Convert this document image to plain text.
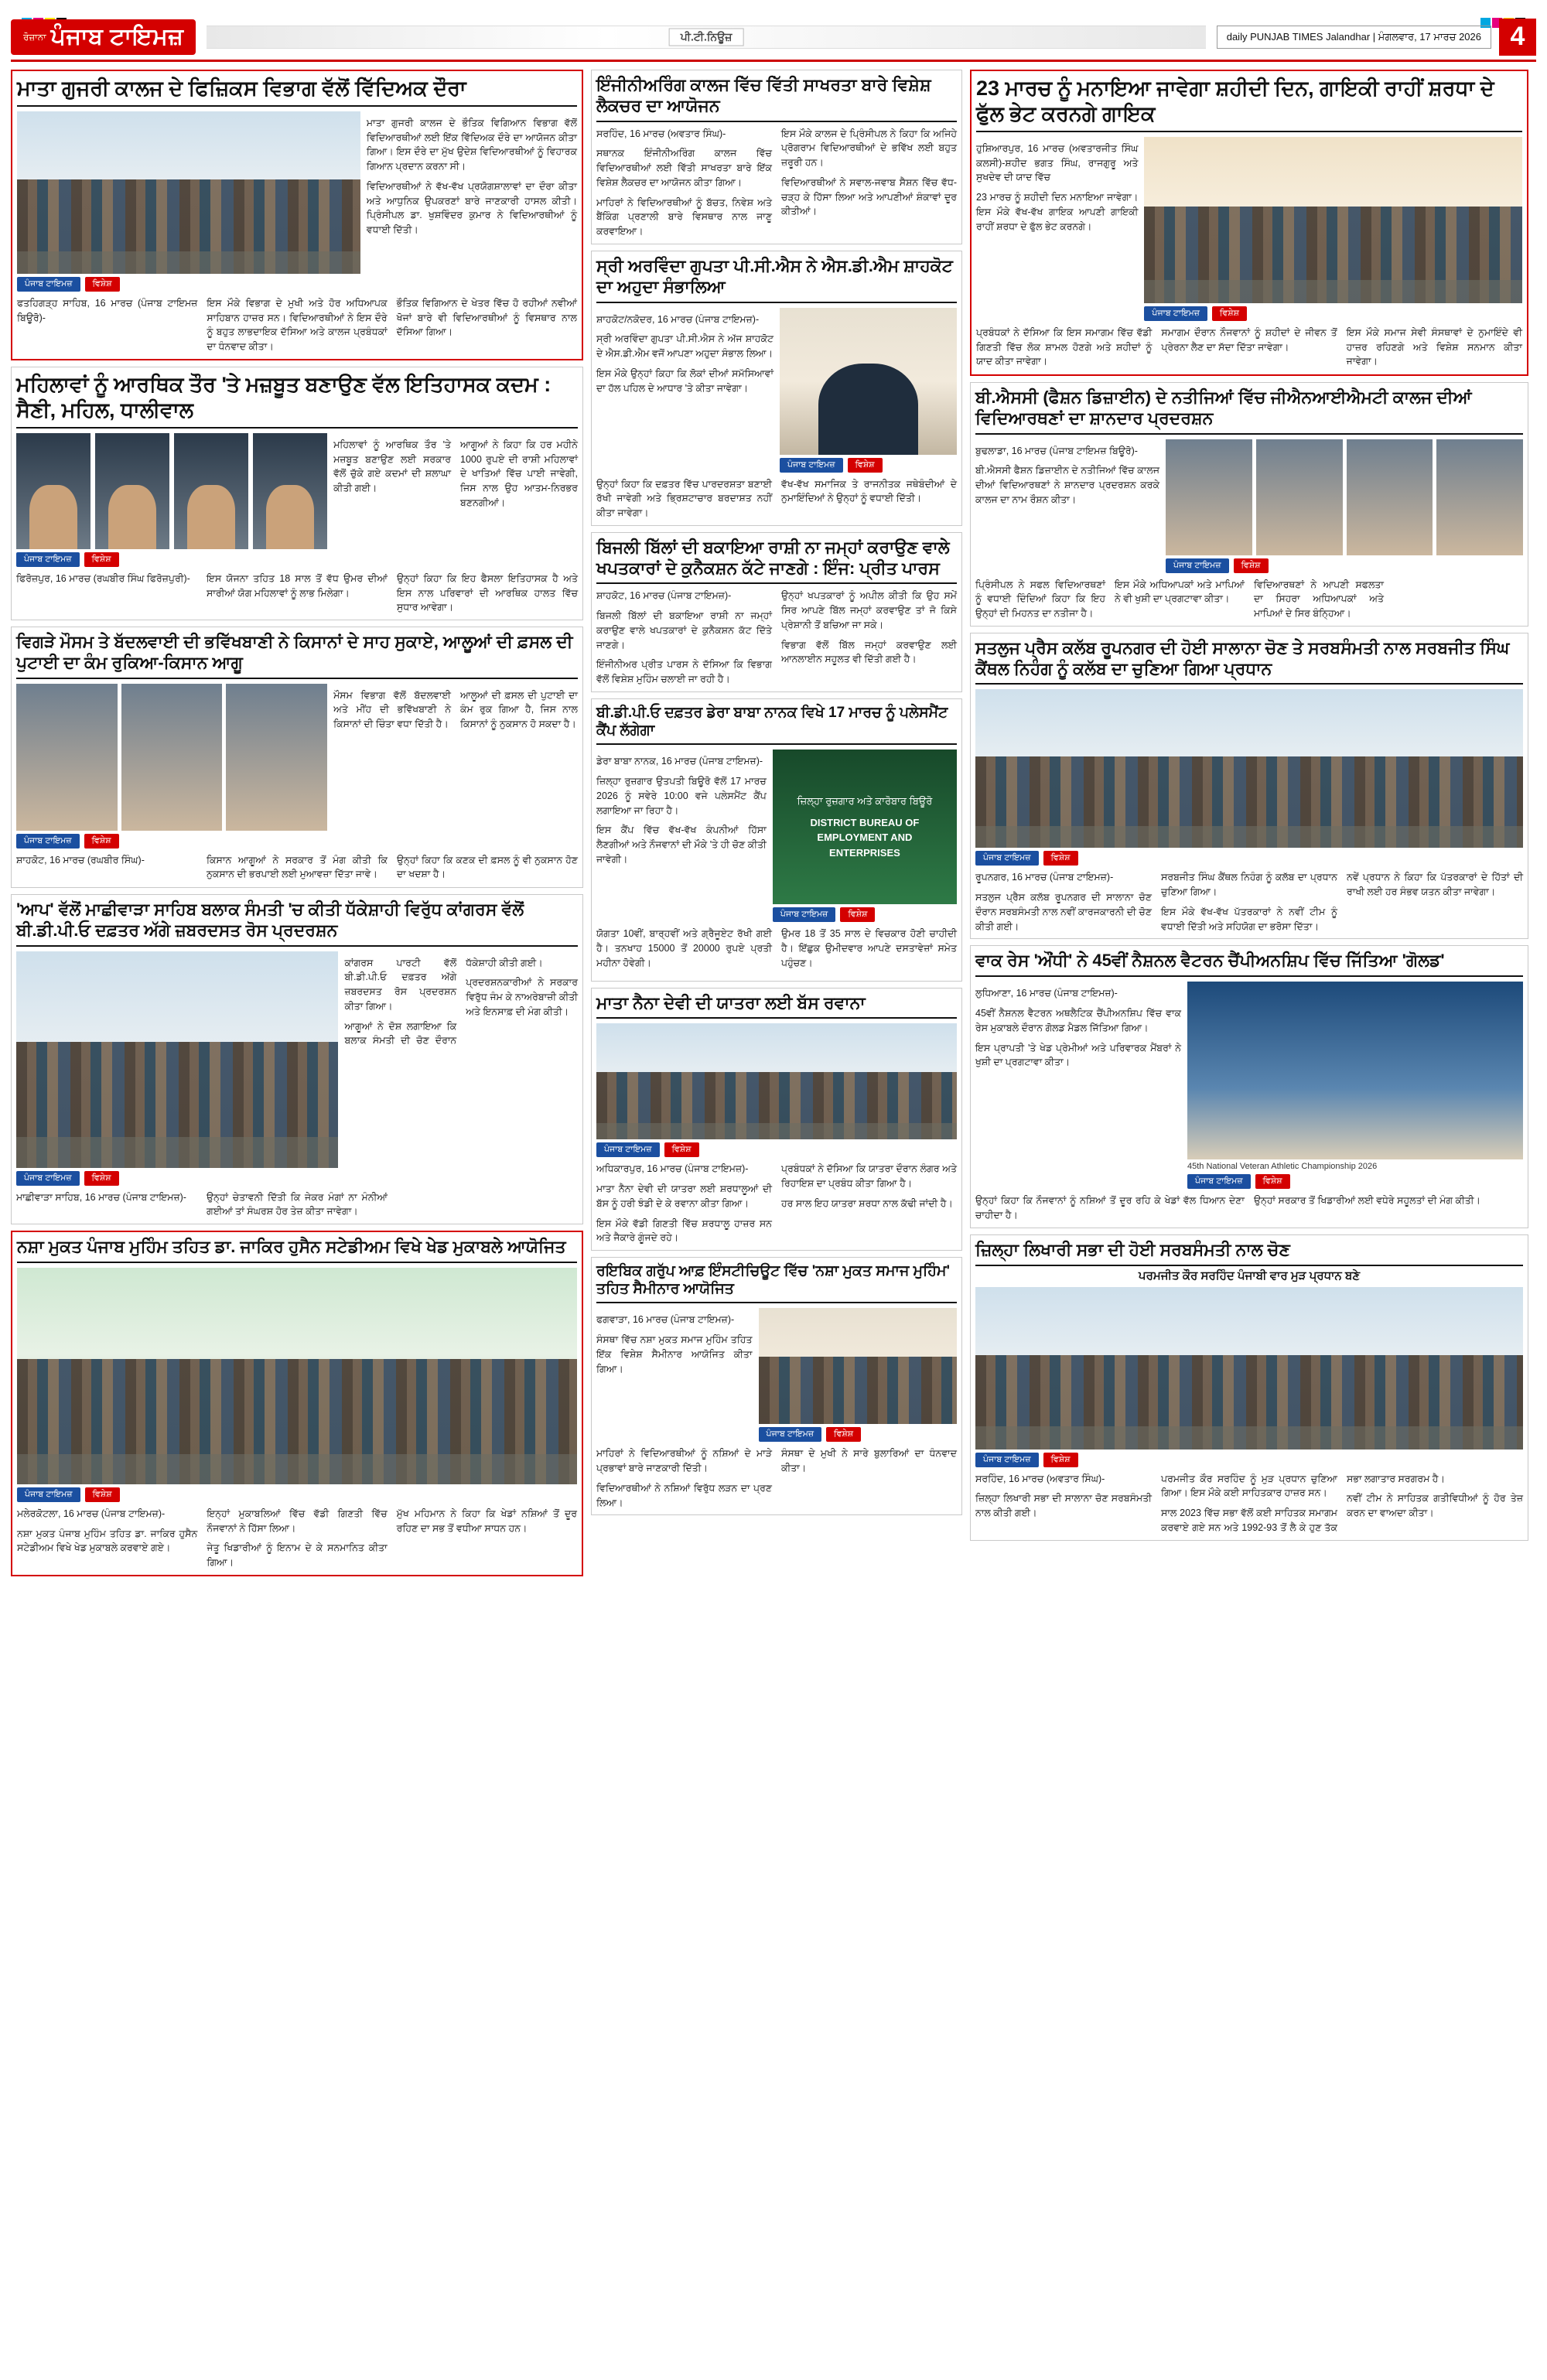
ਰੋਜ਼ਾਨਾ ਪੰਜਾਬ ਟਾਇਮਜ਼	ਪੀ.ਟੀ.ਨਿਊਜ਼	daily PUNJAB TIMES Jalandhar | ਮੰਗਲਵਾਰ, 17 ਮਾਰਚ 2026	4
ਮਾਤਾ ਗੁਜਰੀ ਕਾਲਜ ਦੇ ਫਿਜ਼ਿਕਸ ਵਿਭਾਗ ਵੱਲੋਂ ਵਿੱਦਿਅਕ ਦੌਰਾ
ਪੰਜਾਬ ਟਾਇਮਜ਼	ਵਿਸ਼ੇਸ਼

ਮਾਤਾ ਗੁਜਰੀ ਕਾਲਜ ਦੇ ਭੌਤਿਕ ਵਿਗਿਆਨ ਵਿਭਾਗ ਵੱਲੋਂ ਵਿਦਿਆਰਥੀਆਂ ਲਈ ਇੱਕ ਵਿੱਦਿਅਕ ਦੌਰੇ ਦਾ ਆਯੋਜਨ ਕੀਤਾ ਗਿਆ। ਇਸ ਦੌਰੇ ਦਾ ਮੁੱਖ ਉਦੇਸ਼ ਵਿਦਿਆਰਥੀਆਂ ਨੂੰ ਵਿਹਾਰਕ ਗਿਆਨ ਪ੍ਰਦਾਨ ਕਰਨਾ ਸੀ।

ਵਿਦਿਆਰਥੀਆਂ ਨੇ ਵੱਖ-ਵੱਖ ਪ੍ਰਯੋਗਸ਼ਾਲਾਵਾਂ ਦਾ ਦੌਰਾ ਕੀਤਾ ਅਤੇ ਆਧੁਨਿਕ ਉਪਕਰਣਾਂ ਬਾਰੇ ਜਾਣਕਾਰੀ ਹਾਸਲ ਕੀਤੀ। ਪ੍ਰਿੰਸੀਪਲ ਡਾ. ਖੁਸ਼ਵਿੰਦਰ ਕੁਮਾਰ ਨੇ ਵਿਦਿਆਰਥੀਆਂ ਨੂੰ ਵਧਾਈ ਦਿੱਤੀ।

ਫਤਹਿਗੜ੍ਹ ਸਾਹਿਬ, 16 ਮਾਰਚ (ਪੰਜਾਬ ਟਾਇਮਜ਼ ਬਿਊਰੋ)-

ਇਸ ਮੌਕੇ ਵਿਭਾਗ ਦੇ ਮੁਖੀ ਅਤੇ ਹੋਰ ਅਧਿਆਪਕ ਸਾਹਿਬਾਨ ਹਾਜ਼ਰ ਸਨ। ਵਿਦਿਆਰਥੀਆਂ ਨੇ ਇਸ ਦੌਰੇ ਨੂੰ ਬਹੁਤ ਲਾਭਦਾਇਕ ਦੱਸਿਆ ਅਤੇ ਕਾਲਜ ਪ੍ਰਬੰਧਕਾਂ ਦਾ ਧੰਨਵਾਦ ਕੀਤਾ।

ਭੌਤਿਕ ਵਿਗਿਆਨ ਦੇ ਖੇਤਰ ਵਿੱਚ ਹੋ ਰਹੀਆਂ ਨਵੀਆਂ ਖੋਜਾਂ ਬਾਰੇ ਵੀ ਵਿਦਿਆਰਥੀਆਂ ਨੂੰ ਵਿਸਥਾਰ ਨਾਲ ਦੱਸਿਆ ਗਿਆ।

ਮਹਿਲਾਵਾਂ ਨੂੰ ਆਰਥਿਕ ਤੌਰ 'ਤੇ ਮਜ਼ਬੂਤ ਬਣਾਉਣ ਵੱਲ ਇਤਿਹਾਸਕ ਕਦਮ : ਸੈਣੀ, ਮਹਿਲ, ਧਾਲੀਵਾਲ
ਪੰਜਾਬ ਟਾਇਮਜ਼	ਵਿਸ਼ੇਸ਼

ਮਹਿਲਾਵਾਂ ਨੂੰ ਆਰਥਿਕ ਤੌਰ 'ਤੇ ਮਜ਼ਬੂਤ ਬਣਾਉਣ ਲਈ ਸਰਕਾਰ ਵੱਲੋਂ ਚੁੱਕੇ ਗਏ ਕਦਮਾਂ ਦੀ ਸ਼ਲਾਘਾ ਕੀਤੀ ਗਈ।

ਆਗੂਆਂ ਨੇ ਕਿਹਾ ਕਿ ਹਰ ਮਹੀਨੇ 1000 ਰੁਪਏ ਦੀ ਰਾਸ਼ੀ ਮਹਿਲਾਵਾਂ ਦੇ ਖਾਤਿਆਂ ਵਿੱਚ ਪਾਈ ਜਾਵੇਗੀ, ਜਿਸ ਨਾਲ ਉਹ ਆਤਮ-ਨਿਰਭਰ ਬਣਨਗੀਆਂ।

ਫਿਰੋਜ਼ਪੁਰ, 16 ਮਾਰਚ (ਰਘਬੀਰ ਸਿੰਘ ਫਿਰੋਜ਼ਪੁਰੀ)-	ਇਸ ਯੋਜਨਾ ਤਹਿਤ 18 ਸਾਲ ਤੋਂ ਵੱਧ ਉਮਰ ਦੀਆਂ ਸਾਰੀਆਂ ਯੋਗ ਮਹਿਲਾਵਾਂ ਨੂੰ ਲਾਭ ਮਿਲੇਗਾ।

ਉਨ੍ਹਾਂ ਕਿਹਾ ਕਿ ਇਹ ਫੈਸਲਾ ਇਤਿਹਾਸਕ ਹੈ ਅਤੇ ਇਸ ਨਾਲ ਪਰਿਵਾਰਾਂ ਦੀ ਆਰਥਿਕ ਹਾਲਤ ਵਿੱਚ ਸੁਧਾਰ ਆਵੇਗਾ।

ਵਿਗੜੇ ਮੌਸਮ ਤੇ ਬੱਦਲਵਾਈ ਦੀ ਭਵਿੱਖਬਾਣੀ ਨੇ ਕਿਸਾਨਾਂ ਦੇ ਸਾਹ ਸੁਕਾਏ, ਆਲੂਆਂ ਦੀ ਫ਼ਸਲ ਦੀ ਪੁਟਾਈ ਦਾ ਕੰਮ ਰੁਕਿਆ-ਕਿਸਾਨ ਆਗੂ
ਪੰਜਾਬ ਟਾਇਮਜ਼	ਵਿਸ਼ੇਸ਼

ਮੌਸਮ ਵਿਭਾਗ ਵੱਲੋਂ ਬੱਦਲਵਾਈ ਅਤੇ ਮੀਂਹ ਦੀ ਭਵਿੱਖਬਾਣੀ ਨੇ ਕਿਸਾਨਾਂ ਦੀ ਚਿੰਤਾ ਵਧਾ ਦਿੱਤੀ ਹੈ।

ਆਲੂਆਂ ਦੀ ਫ਼ਸਲ ਦੀ ਪੁਟਾਈ ਦਾ ਕੰਮ ਰੁਕ ਗਿਆ ਹੈ, ਜਿਸ ਨਾਲ ਕਿਸਾਨਾਂ ਨੂੰ ਨੁਕਸਾਨ ਹੋ ਸਕਦਾ ਹੈ।

ਸ਼ਾਹਕੋਟ, 16 ਮਾਰਚ (ਰਘਬੀਰ ਸਿੰਘ)-	ਕਿਸਾਨ ਆਗੂਆਂ ਨੇ ਸਰਕਾਰ ਤੋਂ ਮੰਗ ਕੀਤੀ ਕਿ ਨੁਕਸਾਨ ਦੀ ਭਰਪਾਈ ਲਈ ਮੁਆਵਜ਼ਾ ਦਿੱਤਾ ਜਾਵੇ।

ਉਨ੍ਹਾਂ ਕਿਹਾ ਕਿ ਕਣਕ ਦੀ ਫ਼ਸਲ ਨੂੰ ਵੀ ਨੁਕਸਾਨ ਹੋਣ ਦਾ ਖਦਸ਼ਾ ਹੈ।

'ਆਪ' ਵੱਲੋਂ ਮਾਛੀਵਾੜਾ ਸਾਹਿਬ ਬਲਾਕ ਸੰਮਤੀ 'ਚ ਕੀਤੀ ਧੱਕੇਸ਼ਾਹੀ ਵਿਰੁੱਧ ਕਾਂਗਰਸ ਵੱਲੋਂ ਬੀ.ਡੀ.ਪੀ.ਓ ਦਫ਼ਤਰ ਅੱਗੇ ਜ਼ਬਰਦਸਤ ਰੋਸ ਪ੍ਰਦਰਸ਼ਨ
ਪੰਜਾਬ ਟਾਇਮਜ਼	ਵਿਸ਼ੇਸ਼

ਕਾਂਗਰਸ ਪਾਰਟੀ ਵੱਲੋਂ ਬੀ.ਡੀ.ਪੀ.ਓ ਦਫ਼ਤਰ ਅੱਗੇ ਜ਼ਬਰਦਸਤ ਰੋਸ ਪ੍ਰਦਰਸ਼ਨ ਕੀਤਾ ਗਿਆ।

ਆਗੂਆਂ ਨੇ ਦੋਸ਼ ਲਗਾਇਆ ਕਿ ਬਲਾਕ ਸੰਮਤੀ ਦੀ ਚੋਣ ਦੌਰਾਨ ਧੱਕੇਸ਼ਾਹੀ ਕੀਤੀ ਗਈ।

ਪ੍ਰਦਰਸ਼ਨਕਾਰੀਆਂ ਨੇ ਸਰਕਾਰ ਵਿਰੁੱਧ ਜੰਮ ਕੇ ਨਾਅਰੇਬਾਜ਼ੀ ਕੀਤੀ ਅਤੇ ਇਨਸਾਫ਼ ਦੀ ਮੰਗ ਕੀਤੀ।

ਮਾਛੀਵਾੜਾ ਸਾਹਿਬ, 16 ਮਾਰਚ (ਪੰਜਾਬ ਟਾਇਮਜ਼)-	ਉਨ੍ਹਾਂ ਚੇਤਾਵਨੀ ਦਿੱਤੀ ਕਿ ਜੇਕਰ ਮੰਗਾਂ ਨਾ ਮੰਨੀਆਂ ਗਈਆਂ ਤਾਂ ਸੰਘਰਸ਼ ਹੋਰ ਤੇਜ਼ ਕੀਤਾ ਜਾਵੇਗਾ।

ਨਸ਼ਾ ਮੁਕਤ ਪੰਜਾਬ ਮੁਹਿੰਮ ਤਹਿਤ ਡਾ. ਜਾਕਿਰ ਹੁਸੈਨ ਸਟੇਡੀਅਮ ਵਿਖੇ ਖੇਡ ਮੁਕਾਬਲੇ ਆਯੋਜਿਤ
ਪੰਜਾਬ ਟਾਇਮਜ਼	ਵਿਸ਼ੇਸ਼

ਮਲੇਰਕੋਟਲਾ, 16 ਮਾਰਚ (ਪੰਜਾਬ ਟਾਇਮਜ਼)-

ਨਸ਼ਾ ਮੁਕਤ ਪੰਜਾਬ ਮੁਹਿੰਮ ਤਹਿਤ ਡਾ. ਜਾਕਿਰ ਹੁਸੈਨ ਸਟੇਡੀਅਮ ਵਿਖੇ ਖੇਡ ਮੁਕਾਬਲੇ ਕਰਵਾਏ ਗਏ।

ਇਨ੍ਹਾਂ ਮੁਕਾਬਲਿਆਂ ਵਿੱਚ ਵੱਡੀ ਗਿਣਤੀ ਵਿੱਚ ਨੌਜਵਾਨਾਂ ਨੇ ਹਿੱਸਾ ਲਿਆ।

ਜੇਤੂ ਖਿਡਾਰੀਆਂ ਨੂੰ ਇਨਾਮ ਦੇ ਕੇ ਸਨਮਾਨਿਤ ਕੀਤਾ ਗਿਆ।

ਮੁੱਖ ਮਹਿਮਾਨ ਨੇ ਕਿਹਾ ਕਿ ਖੇਡਾਂ ਨਸ਼ਿਆਂ ਤੋਂ ਦੂਰ ਰਹਿਣ ਦਾ ਸਭ ਤੋਂ ਵਧੀਆ ਸਾਧਨ ਹਨ।

ਇੰਜੀਨੀਅਰਿੰਗ ਕਾਲਜ ਵਿੱਚ ਵਿੱਤੀ ਸਾਖਰਤਾ ਬਾਰੇ ਵਿਸ਼ੇਸ਼ ਲੈਕਚਰ ਦਾ ਆਯੋਜਨ

ਸਰਹਿੰਦ, 16 ਮਾਰਚ (ਅਵਤਾਰ ਸਿੰਘ)-

ਸਥਾਨਕ ਇੰਜੀਨੀਅਰਿੰਗ ਕਾਲਜ ਵਿੱਚ ਵਿਦਿਆਰਥੀਆਂ ਲਈ ਵਿੱਤੀ ਸਾਖਰਤਾ ਬਾਰੇ ਇੱਕ ਵਿਸ਼ੇਸ਼ ਲੈਕਚਰ ਦਾ ਆਯੋਜਨ ਕੀਤਾ ਗਿਆ।

ਮਾਹਿਰਾਂ ਨੇ ਵਿਦਿਆਰਥੀਆਂ ਨੂੰ ਬੱਚਤ, ਨਿਵੇਸ਼ ਅਤੇ ਬੈਂਕਿੰਗ ਪ੍ਰਣਾਲੀ ਬਾਰੇ ਵਿਸਥਾਰ ਨਾਲ ਜਾਣੂ ਕਰਵਾਇਆ।

ਇਸ ਮੌਕੇ ਕਾਲਜ ਦੇ ਪ੍ਰਿੰਸੀਪਲ ਨੇ ਕਿਹਾ ਕਿ ਅਜਿਹੇ ਪ੍ਰੋਗਰਾਮ ਵਿਦਿਆਰਥੀਆਂ ਦੇ ਭਵਿੱਖ ਲਈ ਬਹੁਤ ਜ਼ਰੂਰੀ ਹਨ।

ਵਿਦਿਆਰਥੀਆਂ ਨੇ ਸਵਾਲ-ਜਵਾਬ ਸੈਸ਼ਨ ਵਿੱਚ ਵੱਧ-ਚੜ੍ਹ ਕੇ ਹਿੱਸਾ ਲਿਆ ਅਤੇ ਆਪਣੀਆਂ ਸ਼ੰਕਾਵਾਂ ਦੂਰ ਕੀਤੀਆਂ।

ਸ੍ਰੀ ਅਰਵਿੰਦਾ ਗੁਪਤਾ ਪੀ.ਸੀ.ਐਸ ਨੇ ਐਸ.ਡੀ.ਐਮ ਸ਼ਾਹਕੋਟ ਦਾ ਅਹੁਦਾ ਸੰਭਾਲਿਆ

ਸ਼ਾਹਕੋਟ/ਨਕੋਦਰ, 16 ਮਾਰਚ (ਪੰਜਾਬ ਟਾਇਮਜ਼)-

ਸ੍ਰੀ ਅਰਵਿੰਦਾ ਗੁਪਤਾ ਪੀ.ਸੀ.ਐਸ ਨੇ ਅੱਜ ਸ਼ਾਹਕੋਟ ਦੇ ਐਸ.ਡੀ.ਐਮ ਵਜੋਂ ਆਪਣਾ ਅਹੁਦਾ ਸੰਭਾਲ ਲਿਆ।

ਇਸ ਮੌਕੇ ਉਨ੍ਹਾਂ ਕਿਹਾ ਕਿ ਲੋਕਾਂ ਦੀਆਂ ਸਮੱਸਿਆਵਾਂ ਦਾ ਹੱਲ ਪਹਿਲ ਦੇ ਆਧਾਰ 'ਤੇ ਕੀਤਾ ਜਾਵੇਗਾ।

ਪੰਜਾਬ ਟਾਇਮਜ਼	ਵਿਸ਼ੇਸ਼

ਉਨ੍ਹਾਂ ਕਿਹਾ ਕਿ ਦਫ਼ਤਰ ਵਿੱਚ ਪਾਰਦਰਸ਼ਤਾ ਬਣਾਈ ਰੱਖੀ ਜਾਵੇਗੀ ਅਤੇ ਭ੍ਰਿਸ਼ਟਾਚਾਰ ਬਰਦਾਸ਼ਤ ਨਹੀਂ ਕੀਤਾ ਜਾਵੇਗਾ।

ਵੱਖ-ਵੱਖ ਸਮਾਜਿਕ ਤੇ ਰਾਜਨੀਤਕ ਜਥੇਬੰਦੀਆਂ ਦੇ ਨੁਮਾਇੰਦਿਆਂ ਨੇ ਉਨ੍ਹਾਂ ਨੂੰ ਵਧਾਈ ਦਿੱਤੀ।

ਬਿਜਲੀ ਬਿੱਲਾਂ ਦੀ ਬਕਾਇਆ ਰਾਸ਼ੀ ਨਾ ਜਮ੍ਹਾਂ ਕਰਾਉਣ ਵਾਲੇ ਖਪਤਕਾਰਾਂ ਦੇ ਕੁਨੈਕਸ਼ਨ ਕੱਟੇ ਜਾਣਗੇ : ਇੰਜ: ਪ੍ਰੀਤ ਪਾਰਸ

ਸ਼ਾਹਕੋਟ, 16 ਮਾਰਚ (ਪੰਜਾਬ ਟਾਇਮਜ਼)-

ਬਿਜਲੀ ਬਿੱਲਾਂ ਦੀ ਬਕਾਇਆ ਰਾਸ਼ੀ ਨਾ ਜਮ੍ਹਾਂ ਕਰਾਉਣ ਵਾਲੇ ਖਪਤਕਾਰਾਂ ਦੇ ਕੁਨੈਕਸ਼ਨ ਕੱਟ ਦਿੱਤੇ ਜਾਣਗੇ।

ਇੰਜੀਨੀਅਰ ਪ੍ਰੀਤ ਪਾਰਸ ਨੇ ਦੱਸਿਆ ਕਿ ਵਿਭਾਗ ਵੱਲੋਂ ਵਿਸ਼ੇਸ਼ ਮੁਹਿੰਮ ਚਲਾਈ ਜਾ ਰਹੀ ਹੈ।

ਉਨ੍ਹਾਂ ਖਪਤਕਾਰਾਂ ਨੂੰ ਅਪੀਲ ਕੀਤੀ ਕਿ ਉਹ ਸਮੇਂ ਸਿਰ ਆਪਣੇ ਬਿੱਲ ਜਮ੍ਹਾਂ ਕਰਵਾਉਣ ਤਾਂ ਜੋ ਕਿਸੇ ਪ੍ਰੇਸ਼ਾਨੀ ਤੋਂ ਬਚਿਆ ਜਾ ਸਕੇ।

ਵਿਭਾਗ ਵੱਲੋਂ ਬਿੱਲ ਜਮ੍ਹਾਂ ਕਰਵਾਉਣ ਲਈ ਆਨਲਾਈਨ ਸਹੂਲਤ ਵੀ ਦਿੱਤੀ ਗਈ ਹੈ।

ਬੀ.ਡੀ.ਪੀ.ਓ ਦਫ਼ਤਰ ਡੇਰਾ ਬਾਬਾ ਨਾਨਕ ਵਿਖੇ 17 ਮਾਰਚ ਨੂੰ ਪਲੇਸਮੈਂਟ ਕੈਂਪ ਲੱਗੇਗਾ

ਡੇਰਾ ਬਾਬਾ ਨਾਨਕ, 16 ਮਾਰਚ (ਪੰਜਾਬ ਟਾਇਮਜ਼)-

ਜ਼ਿਲ੍ਹਾ ਰੁਜ਼ਗਾਰ ਉਤਪਤੀ ਬਿਊਰੋ ਵੱਲੋਂ 17 ਮਾਰਚ 2026 ਨੂੰ ਸਵੇਰੇ 10:00 ਵਜੇ ਪਲੇਸਮੈਂਟ ਕੈਂਪ ਲਗਾਇਆ ਜਾ ਰਿਹਾ ਹੈ।

ਇਸ ਕੈਂਪ ਵਿੱਚ ਵੱਖ-ਵੱਖ ਕੰਪਨੀਆਂ ਹਿੱਸਾ ਲੈਣਗੀਆਂ ਅਤੇ ਨੌਜਵਾਨਾਂ ਦੀ ਮੌਕੇ 'ਤੇ ਹੀ ਚੋਣ ਕੀਤੀ ਜਾਵੇਗੀ।

ਜ਼ਿਲ੍ਹਾ ਰੁਜ਼ਗਾਰ ਅਤੇ ਕਾਰੋਬਾਰ ਬਿਊਰੋ
DISTRICT BUREAU OF EMPLOYMENT AND ENTERPRISES
ਪੰਜਾਬ ਟਾਇਮਜ਼	ਵਿਸ਼ੇਸ਼

ਯੋਗਤਾ 10ਵੀਂ, ਬਾਰ੍ਹਵੀਂ ਅਤੇ ਗ੍ਰੈਜੂਏਟ ਰੱਖੀ ਗਈ ਹੈ। ਤਨਖਾਹ 15000 ਤੋਂ 20000 ਰੁਪਏ ਪ੍ਰਤੀ ਮਹੀਨਾ ਹੋਵੇਗੀ।

ਉਮਰ 18 ਤੋਂ 35 ਸਾਲ ਦੇ ਵਿਚਕਾਰ ਹੋਣੀ ਚਾਹੀਦੀ ਹੈ। ਇੱਛੁਕ ਉਮੀਦਵਾਰ ਆਪਣੇ ਦਸਤਾਵੇਜ਼ਾਂ ਸਮੇਤ ਪਹੁੰਚਣ।

ਮਾਤਾ ਨੈਨਾ ਦੇਵੀ ਦੀ ਯਾਤਰਾ ਲਈ ਬੱਸ ਰਵਾਨਾ
ਪੰਜਾਬ ਟਾਇਮਜ਼	ਵਿਸ਼ੇਸ਼

ਅਧਿਕਾਰਪੁਰ, 16 ਮਾਰਚ (ਪੰਜਾਬ ਟਾਇਮਜ਼)-

ਮਾਤਾ ਨੈਨਾ ਦੇਵੀ ਦੀ ਯਾਤਰਾ ਲਈ ਸ਼ਰਧਾਲੂਆਂ ਦੀ ਬੱਸ ਨੂੰ ਹਰੀ ਝੰਡੀ ਦੇ ਕੇ ਰਵਾਨਾ ਕੀਤਾ ਗਿਆ।

ਇਸ ਮੌਕੇ ਵੱਡੀ ਗਿਣਤੀ ਵਿੱਚ ਸ਼ਰਧਾਲੂ ਹਾਜ਼ਰ ਸਨ ਅਤੇ ਜੈਕਾਰੇ ਗੂੰਜਦੇ ਰਹੇ।

ਪ੍ਰਬੰਧਕਾਂ ਨੇ ਦੱਸਿਆ ਕਿ ਯਾਤਰਾ ਦੌਰਾਨ ਲੰਗਰ ਅਤੇ ਰਿਹਾਇਸ਼ ਦਾ ਪ੍ਰਬੰਧ ਕੀਤਾ ਗਿਆ ਹੈ।

ਹਰ ਸਾਲ ਇਹ ਯਾਤਰਾ ਸ਼ਰਧਾ ਨਾਲ ਕੱਢੀ ਜਾਂਦੀ ਹੈ।

ਰਇਬਿਕ ਗਰੁੱਪ ਆਫ਼ ਇੰਸਟੀਚਿਊਟ ਵਿੱਚ 'ਨਸ਼ਾ ਮੁਕਤ ਸਮਾਜ ਮੁਹਿੰਮ' ਤਹਿਤ ਸੈਮੀਨਾਰ ਆਯੋਜਿਤ

ਫਗਵਾੜਾ, 16 ਮਾਰਚ (ਪੰਜਾਬ ਟਾਇਮਜ਼)-

ਸੰਸਥਾ ਵਿੱਚ ਨਸ਼ਾ ਮੁਕਤ ਸਮਾਜ ਮੁਹਿੰਮ ਤਹਿਤ ਇੱਕ ਵਿਸ਼ੇਸ਼ ਸੈਮੀਨਾਰ ਆਯੋਜਿਤ ਕੀਤਾ ਗਿਆ।

ਪੰਜਾਬ ਟਾਇਮਜ਼	ਵਿਸ਼ੇਸ਼

ਮਾਹਿਰਾਂ ਨੇ ਵਿਦਿਆਰਥੀਆਂ ਨੂੰ ਨਸ਼ਿਆਂ ਦੇ ਮਾੜੇ ਪ੍ਰਭਾਵਾਂ ਬਾਰੇ ਜਾਣਕਾਰੀ ਦਿੱਤੀ।

ਵਿਦਿਆਰਥੀਆਂ ਨੇ ਨਸ਼ਿਆਂ ਵਿਰੁੱਧ ਲੜਨ ਦਾ ਪ੍ਰਣ ਲਿਆ।

ਸੰਸਥਾ ਦੇ ਮੁਖੀ ਨੇ ਸਾਰੇ ਬੁਲਾਰਿਆਂ ਦਾ ਧੰਨਵਾਦ ਕੀਤਾ।

23 ਮਾਰਚ ਨੂੰ ਮਨਾਇਆ ਜਾਵੇਗਾ ਸ਼ਹੀਦੀ ਦਿਨ, ਗਾਇਕੀ ਰਾਹੀਂ ਸ਼ਰਧਾ ਦੇ ਫੁੱਲ ਭੇਟ ਕਰਨਗੇ ਗਾਇਕ

ਹੁਸ਼ਿਆਰਪੁਰ, 16 ਮਾਰਚ (ਅਵਤਾਰਜੀਤ ਸਿੰਘ ਕਲਸੀ)-ਸ਼ਹੀਦ ਭਗਤ ਸਿੰਘ, ਰਾਜਗੁਰੂ ਅਤੇ ਸੁਖਦੇਵ ਦੀ ਯਾਦ ਵਿੱਚ

23 ਮਾਰਚ ਨੂੰ ਸ਼ਹੀਦੀ ਦਿਨ ਮਨਾਇਆ ਜਾਵੇਗਾ। ਇਸ ਮੌਕੇ ਵੱਖ-ਵੱਖ ਗਾਇਕ ਆਪਣੀ ਗਾਇਕੀ ਰਾਹੀਂ ਸ਼ਰਧਾ ਦੇ ਫੁੱਲ ਭੇਟ ਕਰਨਗੇ।

ਪੰਜਾਬ ਟਾਇਮਜ਼	ਵਿਸ਼ੇਸ਼

ਪ੍ਰਬੰਧਕਾਂ ਨੇ ਦੱਸਿਆ ਕਿ ਇਸ ਸਮਾਗਮ ਵਿੱਚ ਵੱਡੀ ਗਿਣਤੀ ਵਿੱਚ ਲੋਕ ਸ਼ਾਮਲ ਹੋਣਗੇ ਅਤੇ ਸ਼ਹੀਦਾਂ ਨੂੰ ਯਾਦ ਕੀਤਾ ਜਾਵੇਗਾ।

ਸਮਾਗਮ ਦੌਰਾਨ ਨੌਜਵਾਨਾਂ ਨੂੰ ਸ਼ਹੀਦਾਂ ਦੇ ਜੀਵਨ ਤੋਂ ਪ੍ਰੇਰਨਾ ਲੈਣ ਦਾ ਸੱਦਾ ਦਿੱਤਾ ਜਾਵੇਗਾ।

ਇਸ ਮੌਕੇ ਸਮਾਜ ਸੇਵੀ ਸੰਸਥਾਵਾਂ ਦੇ ਨੁਮਾਇੰਦੇ ਵੀ ਹਾਜ਼ਰ ਰਹਿਣਗੇ ਅਤੇ ਵਿਸ਼ੇਸ਼ ਸਨਮਾਨ ਕੀਤਾ ਜਾਵੇਗਾ।

ਬੀ.ਐਸਸੀ (ਫੈਸ਼ਨ ਡਿਜ਼ਾਈਨ) ਦੇ ਨਤੀਜਿਆਂ ਵਿੱਚ ਜੀਐਨਆਈਐਮਟੀ ਕਾਲਜ ਦੀਆਂ ਵਿਦਿਆਰਥਣਾਂ ਦਾ ਸ਼ਾਨਦਾਰ ਪ੍ਰਦਰਸ਼ਨ

ਬੁਢਲਾਡਾ, 16 ਮਾਰਚ (ਪੰਜਾਬ ਟਾਇਮਜ਼ ਬਿਊਰੋ)-

ਬੀ.ਐਸਸੀ ਫੈਸ਼ਨ ਡਿਜ਼ਾਈਨ ਦੇ ਨਤੀਜਿਆਂ ਵਿੱਚ ਕਾਲਜ ਦੀਆਂ ਵਿਦਿਆਰਥਣਾਂ ਨੇ ਸ਼ਾਨਦਾਰ ਪ੍ਰਦਰਸ਼ਨ ਕਰਕੇ ਕਾਲਜ ਦਾ ਨਾਮ ਰੌਸ਼ਨ ਕੀਤਾ।

ਪੰਜਾਬ ਟਾਇਮਜ਼	ਵਿਸ਼ੇਸ਼

ਪ੍ਰਿੰਸੀਪਲ ਨੇ ਸਫਲ ਵਿਦਿਆਰਥਣਾਂ ਨੂੰ ਵਧਾਈ ਦਿੰਦਿਆਂ ਕਿਹਾ ਕਿ ਇਹ ਉਨ੍ਹਾਂ ਦੀ ਮਿਹਨਤ ਦਾ ਨਤੀਜਾ ਹੈ।

ਇਸ ਮੌਕੇ ਅਧਿਆਪਕਾਂ ਅਤੇ ਮਾਪਿਆਂ ਨੇ ਵੀ ਖੁਸ਼ੀ ਦਾ ਪ੍ਰਗਟਾਵਾ ਕੀਤਾ।

ਵਿਦਿਆਰਥਣਾਂ ਨੇ ਆਪਣੀ ਸਫਲਤਾ ਦਾ ਸਿਹਰਾ ਅਧਿਆਪਕਾਂ ਅਤੇ ਮਾਪਿਆਂ ਦੇ ਸਿਰ ਬੰਨ੍ਹਿਆ।

ਸਤਲੁਜ ਪ੍ਰੈਸ ਕਲੱਬ ਰੂਪਨਗਰ ਦੀ ਹੋਈ ਸਾਲਾਨਾ ਚੋਣ ਤੇ ਸਰਬਸੰਮਤੀ ਨਾਲ ਸਰਬਜੀਤ ਸਿੰਘ ਕੈਂਥਲ ਨਿਹੰਗ ਨੂੰ ਕਲੱਬ ਦਾ ਚੁਣਿਆ ਗਿਆ ਪ੍ਰਧਾਨ
ਪੰਜਾਬ ਟਾਇਮਜ਼	ਵਿਸ਼ੇਸ਼

ਰੂਪਨਗਰ, 16 ਮਾਰਚ (ਪੰਜਾਬ ਟਾਇਮਜ਼)-

ਸਤਲੁਜ ਪ੍ਰੈਸ ਕਲੱਬ ਰੂਪਨਗਰ ਦੀ ਸਾਲਾਨਾ ਚੋਣ ਦੌਰਾਨ ਸਰਬਸੰਮਤੀ ਨਾਲ ਨਵੀਂ ਕਾਰਜਕਾਰਨੀ ਦੀ ਚੋਣ ਕੀਤੀ ਗਈ।

ਸਰਬਜੀਤ ਸਿੰਘ ਕੈਂਥਲ ਨਿਹੰਗ ਨੂੰ ਕਲੱਬ ਦਾ ਪ੍ਰਧਾਨ ਚੁਣਿਆ ਗਿਆ।

ਇਸ ਮੌਕੇ ਵੱਖ-ਵੱਖ ਪੱਤਰਕਾਰਾਂ ਨੇ ਨਵੀਂ ਟੀਮ ਨੂੰ ਵਧਾਈ ਦਿੱਤੀ ਅਤੇ ਸਹਿਯੋਗ ਦਾ ਭਰੋਸਾ ਦਿੱਤਾ।

ਨਵੇਂ ਪ੍ਰਧਾਨ ਨੇ ਕਿਹਾ ਕਿ ਪੱਤਰਕਾਰਾਂ ਦੇ ਹਿੱਤਾਂ ਦੀ ਰਾਖੀ ਲਈ ਹਰ ਸੰਭਵ ਯਤਨ ਕੀਤਾ ਜਾਵੇਗਾ।

ਵਾਕ ਰੇਸ 'ਔਂਧੀ' ਨੇ 45ਵੀਂ ਨੈਸ਼ਨਲ ਵੈਟਰਨ ਚੈਂਪੀਅਨਸ਼ਿਪ ਵਿੱਚ ਜਿੱਤਿਆ 'ਗੋਲਡ'

ਲੁਧਿਆਣਾ, 16 ਮਾਰਚ (ਪੰਜਾਬ ਟਾਇਮਜ਼)-

45ਵੀਂ ਨੈਸ਼ਨਲ ਵੈਟਰਨ ਅਥਲੈਟਿਕ ਚੈਂਪੀਅਨਸ਼ਿਪ ਵਿੱਚ ਵਾਕ ਰੇਸ ਮੁਕਾਬਲੇ ਦੌਰਾਨ ਗੋਲਡ ਮੈਡਲ ਜਿੱਤਿਆ ਗਿਆ।

ਇਸ ਪ੍ਰਾਪਤੀ 'ਤੇ ਖੇਡ ਪ੍ਰੇਮੀਆਂ ਅਤੇ ਪਰਿਵਾਰਕ ਮੈਂਬਰਾਂ ਨੇ ਖੁਸ਼ੀ ਦਾ ਪ੍ਰਗਟਾਵਾ ਕੀਤਾ।

45th National Veteran Athletic Championship 2026
ਪੰਜਾਬ ਟਾਇਮਜ਼	ਵਿਸ਼ੇਸ਼

ਉਨ੍ਹਾਂ ਕਿਹਾ ਕਿ ਨੌਜਵਾਨਾਂ ਨੂੰ ਨਸ਼ਿਆਂ ਤੋਂ ਦੂਰ ਰਹਿ ਕੇ ਖੇਡਾਂ ਵੱਲ ਧਿਆਨ ਦੇਣਾ ਚਾਹੀਦਾ ਹੈ।

ਉਨ੍ਹਾਂ ਸਰਕਾਰ ਤੋਂ ਖਿਡਾਰੀਆਂ ਲਈ ਵਧੇਰੇ ਸਹੂਲਤਾਂ ਦੀ ਮੰਗ ਕੀਤੀ।

ਜ਼ਿਲ੍ਹਾ ਲਿਖਾਰੀ ਸਭਾ ਦੀ ਹੋਈ ਸਰਬਸੰਮਤੀ ਨਾਲ ਚੋਣ
ਪਰਮਜੀਤ ਕੌਰ ਸਰਹਿੰਦ ਪੰਜਾਬੀ ਵਾਰ ਮੁੜ ਪ੍ਰਧਾਨ ਬਣੇ
ਪੰਜਾਬ ਟਾਇਮਜ਼	ਵਿਸ਼ੇਸ਼

ਸਰਹਿੰਦ, 16 ਮਾਰਚ (ਅਵਤਾਰ ਸਿੰਘ)-

ਜ਼ਿਲ੍ਹਾ ਲਿਖਾਰੀ ਸਭਾ ਦੀ ਸਾਲਾਨਾ ਚੋਣ ਸਰਬਸੰਮਤੀ ਨਾਲ ਕੀਤੀ ਗਈ।

ਪਰਮਜੀਤ ਕੌਰ ਸਰਹਿੰਦ ਨੂੰ ਮੁੜ ਪ੍ਰਧਾਨ ਚੁਣਿਆ ਗਿਆ। ਇਸ ਮੌਕੇ ਕਈ ਸਾਹਿਤਕਾਰ ਹਾਜ਼ਰ ਸਨ।

ਸਾਲ 2023 ਵਿੱਚ ਸਭਾ ਵੱਲੋਂ ਕਈ ਸਾਹਿਤਕ ਸਮਾਗਮ ਕਰਵਾਏ ਗਏ ਸਨ ਅਤੇ 1992-93 ਤੋਂ ਲੈ ਕੇ ਹੁਣ ਤੱਕ ਸਭਾ ਲਗਾਤਾਰ ਸਰਗਰਮ ਹੈ।

ਨਵੀਂ ਟੀਮ ਨੇ ਸਾਹਿਤਕ ਗਤੀਵਿਧੀਆਂ ਨੂੰ ਹੋਰ ਤੇਜ਼ ਕਰਨ ਦਾ ਵਾਅਦਾ ਕੀਤਾ।
